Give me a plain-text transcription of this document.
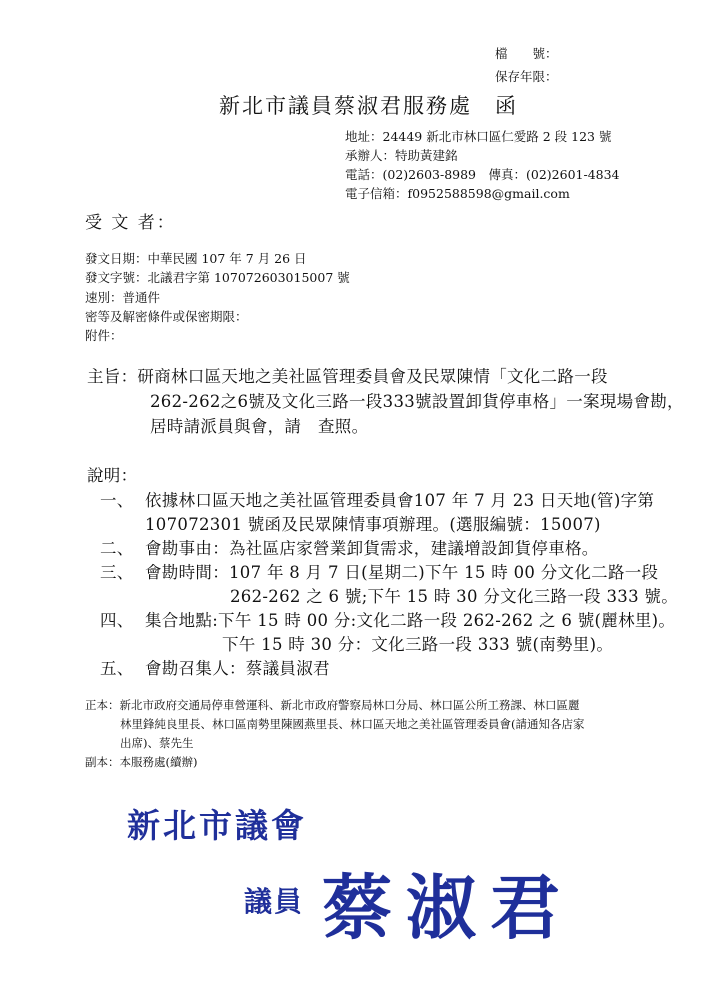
檔　　號：
保存年限：
新北市議員蔡淑君服務處　函
地址：24449 新北市林口區仁愛路 2 段 123 號
承辦人：特助黃建銘
電話：(02)2603-8989　傳真：(02)2601-4834
電子信箱：f0952588598@gmail.com
受 文 者：
發文日期：中華民國 107 年 7 月 26 日
發文字號：北議君字第 107072603015007 號
速別：普通件
密等及解密條件或保密期限：
附件：
主旨：研商林口區天地之美社區管理委員會及民眾陳情「文化二路一段
262-262之6號及文化三路一段333號設置卸貨停車格」一案現場會勘，
居時請派員與會，請　查照。
說明：
一、 依據林口區天地之美社區管理委員會107 年 7 月 23 日天地(管)字第
107072301 號函及民眾陳情事項辦理。(選服編號：15007)
二、 會勘事由：為社區店家營業卸貨需求，建議增設卸貨停車格。
三、 會勘時間：107 年 8 月 7 日(星期二)下午 15 時 00 分文化二路一段
262-262 之 6 號;下午 15 時 30 分文化三路一段 333 號。
四、 集合地點:下午 15 時 00 分:文化二路一段 262-262 之 6 號(麗林里)。
下午 15 時 30 分：文化三路一段 333 號(南勢里)。
五、 會勘召集人：蔡議員淑君
正本：新北市政府交通局停車營運科、新北市政府警察局林口分局、林口區公所工務課、林口區麗
林里鋒純良里長、林口區南勢里陳國燕里長、林口區天地之美社區管理委員會(請通知各店家
出席)、蔡先生
副本：本服務處(續辦)
新北市議會
議員 蔡淑君
